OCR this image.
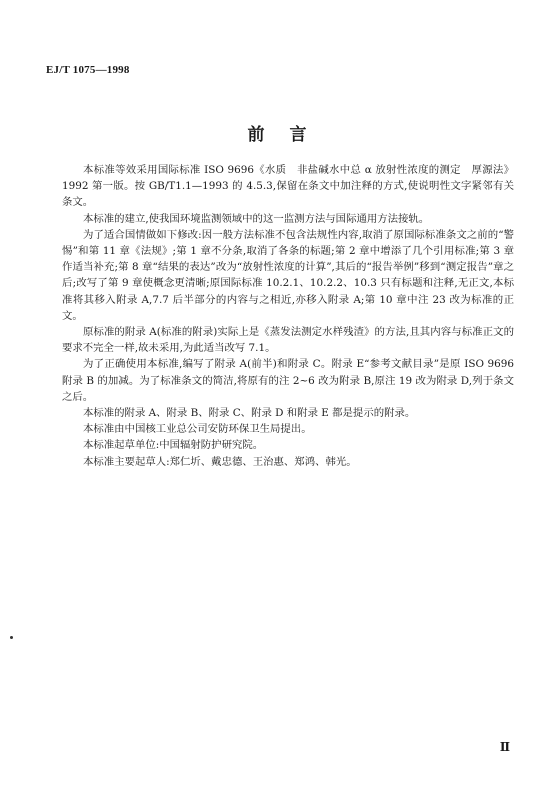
EJ/T 1075—1998
前　言

本标准等效采用国际标准 ISO 9696《水质　非盐碱水中总 α 放射性浓度的测定　厚源法》1992 第一版。按 GB/T1.1—1993 的 4.5.3,保留在条文中加注释的方式,使说明性文字紧邻有关条文。

本标准的建立,使我国环境监测领域中的这一监测方法与国际通用方法接轨。

为了适合国情做如下修改:因一般方法标准不包含法规性内容,取消了原国际标准条文之前的“警惕”和第 11 章《法规》;第 1 章不分条,取消了各条的标题;第 2 章中增添了几个引用标准;第 3 章作适当补充;第 8 章“结果的表达”改为“放射性浓度的计算”,其后的“报告举例”移到“测定报告”章之后;改写了第 9 章使概念更清晰;原国际标准 10.2.1、10.2.2、10.3 只有标题和注释,无正文,本标准将其移入附录 A,7.7 后半部分的内容与之相近,亦移入附录 A;第 10 章中注 23 改为标准的正文。

原标准的附录 A(标准的附录)实际上是《蒸发法测定水样残渣》的方法,且其内容与标准正文的要求不完全一样,故未采用,为此适当改写 7.1。

为了正确使用本标准,编写了附录 A(前半)和附录 C。附录 E“参考文献目录”是原 ISO 9696 附录 B 的加减。为了标准条文的简洁,将原有的注 2~6 改为附录 B,原注 19 改为附录 D,列于条文之后。

本标准的附录 A、附录 B、附录 C、附录 D 和附录 E 都是提示的附录。

本标准由中国核工业总公司安防环保卫生局提出。

本标准起草单位:中国辐射防护研究院。

本标准主要起草人:郑仁圻、戴忠德、王治惠、郑鸿、韩光。

Ⅱ
